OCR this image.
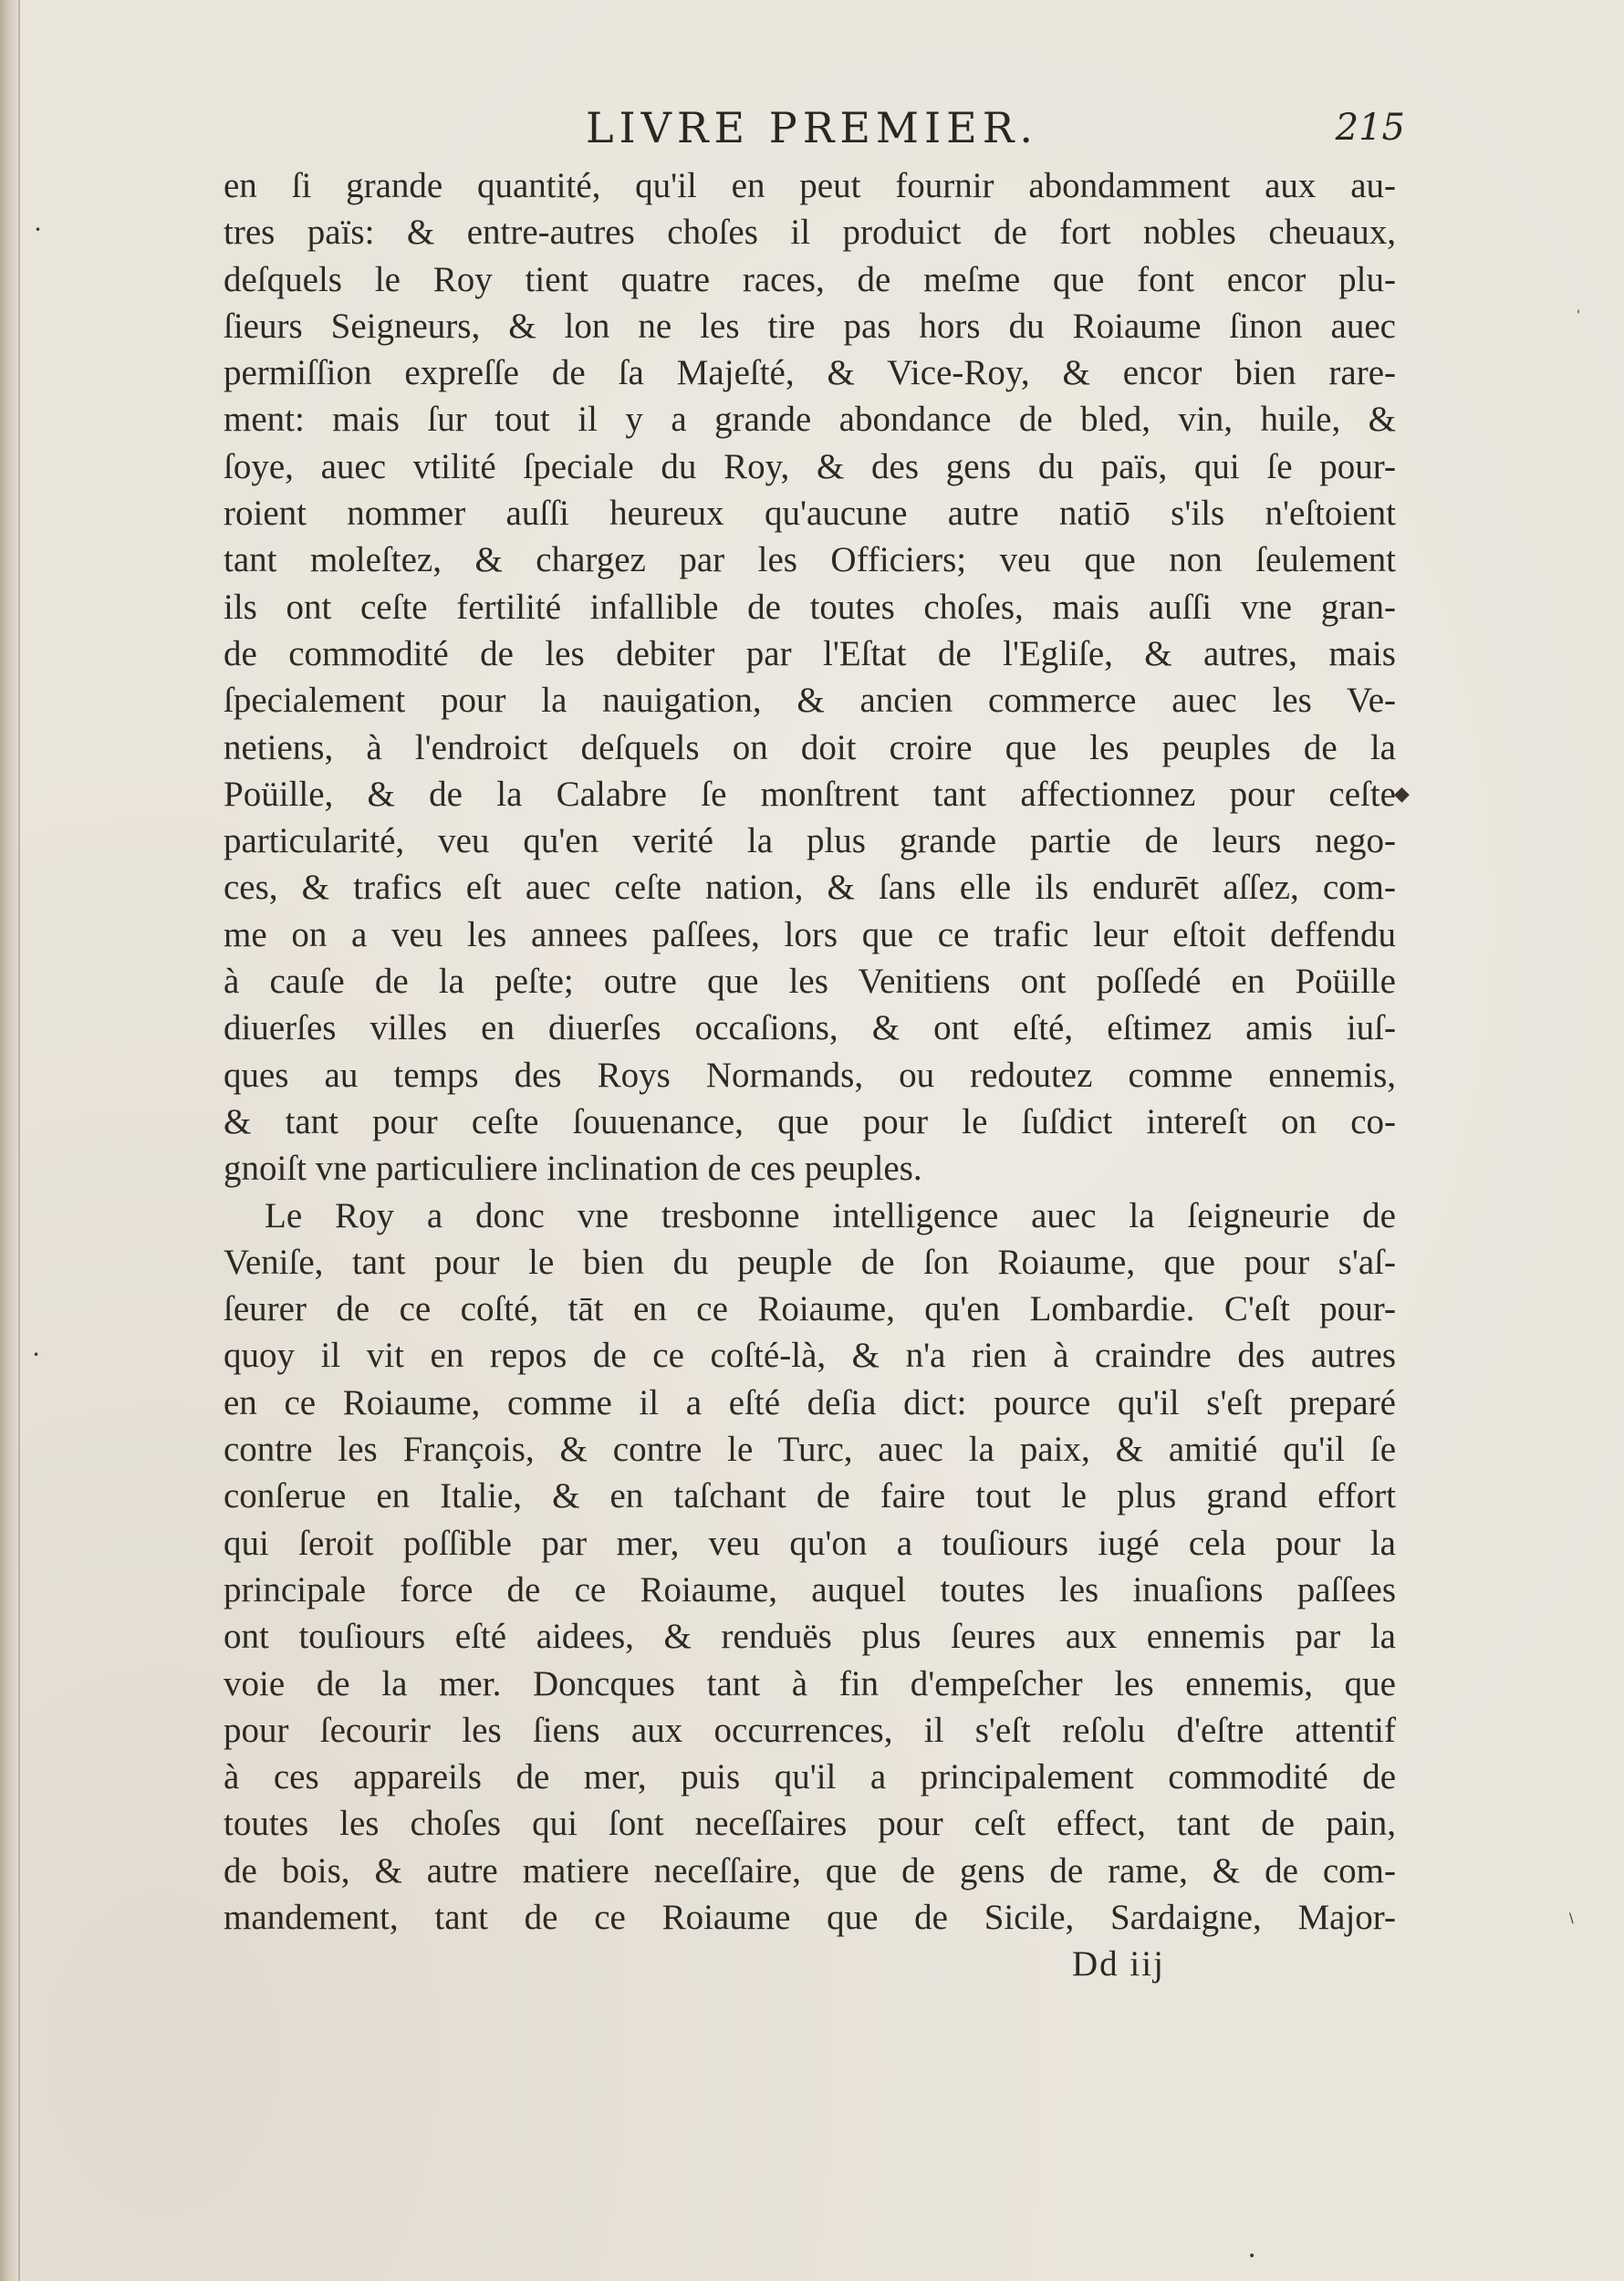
LIVRE PREMIER.	215
en ſi grande quantité, qu'il en peut fournir abondamment aux au-
tres païs: & entre-autres choſes il produict de fort nobles cheuaux,
deſquels le Roy tient quatre races, de meſme que font encor plu-
ſieurs Seigneurs, & lon ne les tire pas hors du Roiaume ſinon auec
permiſſion expreſſe de ſa Majeſté, & Vice-Roy, & encor bien rare-
ment: mais ſur tout il y a grande abondance de bled, vin, huile, &
ſoye, auec vtilité ſpeciale du Roy, & des gens du païs, qui ſe pour-
roient nommer auſſi heureux qu'aucune autre natiō s'ils n'eſtoient
tant moleſtez, & chargez par les Officiers; veu que non ſeulement
ils ont ceſte fertilité infallible de toutes choſes, mais auſſi vne gran-
de commodité de les debiter par l'Eſtat de l'Egliſe, & autres, mais
ſpecialement pour la nauigation, & ancien commerce auec les Ve-
netiens, à l'endroict deſquels on doit croire que les peuples de la
Poüille, & de la Calabre ſe monſtrent tant affectionnez pour ceſte
particularité, veu qu'en verité la plus grande partie de leurs nego-
ces, & trafics eſt auec ceſte nation, & ſans elle ils endurēt aſſez, com-
me on a veu les annees paſſees, lors que ce trafic leur eſtoit deffendu
à cauſe de la peſte; outre que les Venitiens ont poſſedé en Poüille
diuerſes villes en diuerſes occaſions, & ont eſté, eſtimez amis iuſ-
ques au temps des Roys Normands, ou redoutez comme ennemis,
& tant pour ceſte ſouuenance, que pour le ſuſdict intereſt on co-
gnoiſt vne particuliere inclination de ces peuples.
Le Roy a donc vne tresbonne intelligence auec la ſeigneurie de
Veniſe, tant pour le bien du peuple de ſon Roiaume, que pour s'aſ-
ſeurer de ce coſté, tāt en ce Roiaume, qu'en Lombardie. C'eſt pour-
quoy il vit en repos de ce coſté-là, & n'a rien à craindre des autres
en ce Roiaume, comme il a eſté deſia dict: pource qu'il s'eſt preparé
contre les François, & contre le Turc, auec la paix, & amitié qu'il ſe
conſerue en Italie, & en taſchant de faire tout le plus grand effort
qui ſeroit poſſible par mer, veu qu'on a touſiours iugé cela pour la
principale force de ce Roiaume, auquel toutes les inuaſions paſſees
ont touſiours eſté aidees, & renduës plus ſeures aux ennemis par la
voie de la mer. Doncques tant à fin d'empeſcher les ennemis, que
pour ſecourir les ſiens aux occurrences, il s'eſt reſolu d'eſtre attentif
à ces appareils de mer, puis qu'il a principalement commodité de
toutes les choſes qui ſont neceſſaires pour ceſt effect, tant de pain,
de bois, & autre matiere neceſſaire, que de gens de rame, & de com-
mandement, tant de ce Roiaume que de Sicile, Sardaigne, Major-
Dd iij
◆
•
•
•
'
\
